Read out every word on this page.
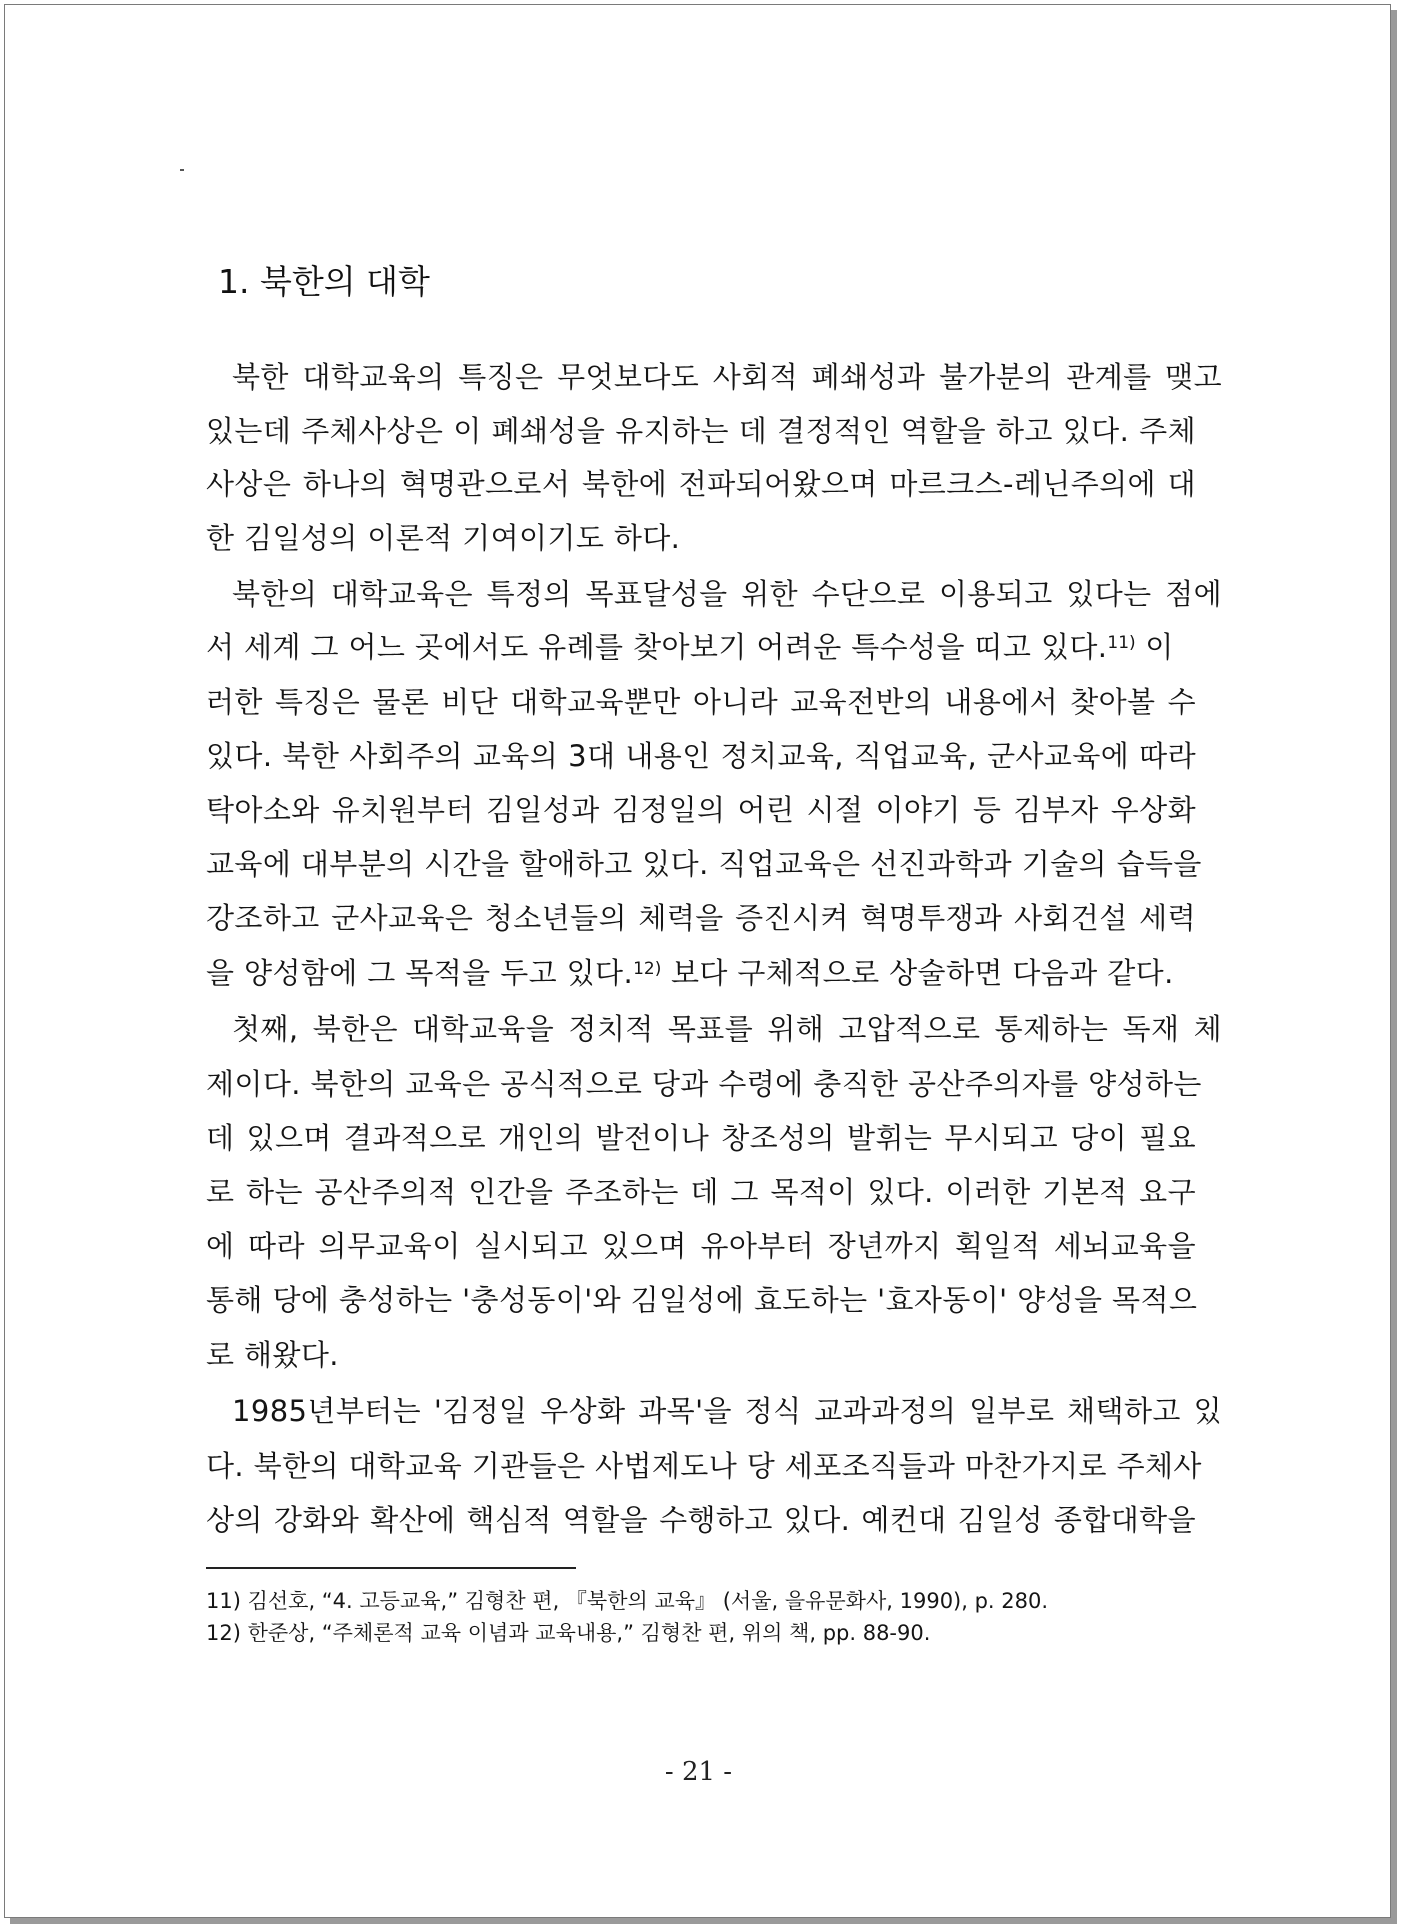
1. 북한의 대학
북한 대학교육의 특징은 무엇보다도 사회적 폐쇄성과 불가분의 관계를 맺고
있는데 주체사상은 이 폐쇄성을 유지하는 데 결정적인 역할을 하고 있다. 주체
사상은 하나의 혁명관으로서 북한에 전파되어왔으며 마르크스-레닌주의에 대
한 김일성의 이론적 기여이기도 하다.
북한의 대학교육은 특정의 목표달성을 위한 수단으로 이용되고 있다는 점에
서 세계 그 어느 곳에서도 유례를 찾아보기 어려운 특수성을 띠고 있다.$^{11)}$ 이
러한 특징은 물론 비단 대학교육뿐만 아니라 교육전반의 내용에서 찾아볼 수
있다. 북한 사회주의 교육의 3대 내용인 정치교육, 직업교육, 군사교육에 따라
탁아소와 유치원부터 김일성과 김정일의 어린 시절 이야기 등 김부자 우상화
교육에 대부분의 시간을 할애하고 있다. 직업교육은 선진과학과 기술의 습득을
강조하고 군사교육은 청소년들의 체력을 증진시켜 혁명투쟁과 사회건설 세력
을 양성함에 그 목적을 두고 있다.$^{12)}$ 보다 구체적으로 상술하면 다음과 같다.
첫째, 북한은 대학교육을 정치적 목표를 위해 고압적으로 통제하는 독재 체
제이다. 북한의 교육은 공식적으로 당과 수령에 충직한 공산주의자를 양성하는
데 있으며 결과적으로 개인의 발전이나 창조성의 발휘는 무시되고 당이 필요
로 하는 공산주의적 인간을 주조하는 데 그 목적이 있다. 이러한 기본적 요구
에 따라 의무교육이 실시되고 있으며 유아부터 장년까지 획일적 세뇌교육을
통해 당에 충성하는 '충성동이'와 김일성에 효도하는 '효자동이' 양성을 목적으
로 해왔다.
1985년부터는 '김정일 우상화 과목'을 정식 교과과정의 일부로 채택하고 있
다. 북한의 대학교육 기관들은 사법제도나 당 세포조직들과 마찬가지로 주체사
상의 강화와 확산에 핵심적 역할을 수행하고 있다. 예컨대 김일성 종합대학을
11) 김선호, “4. 고등교육,” 김형찬 편, 『북한의 교육』 (서울, 을유문화사, 1990), p. 280.
12) 한준상, “주체론적 교육 이념과 교육내용,” 김형찬 편, 위의 책, pp. 88-90.
- 21 -
